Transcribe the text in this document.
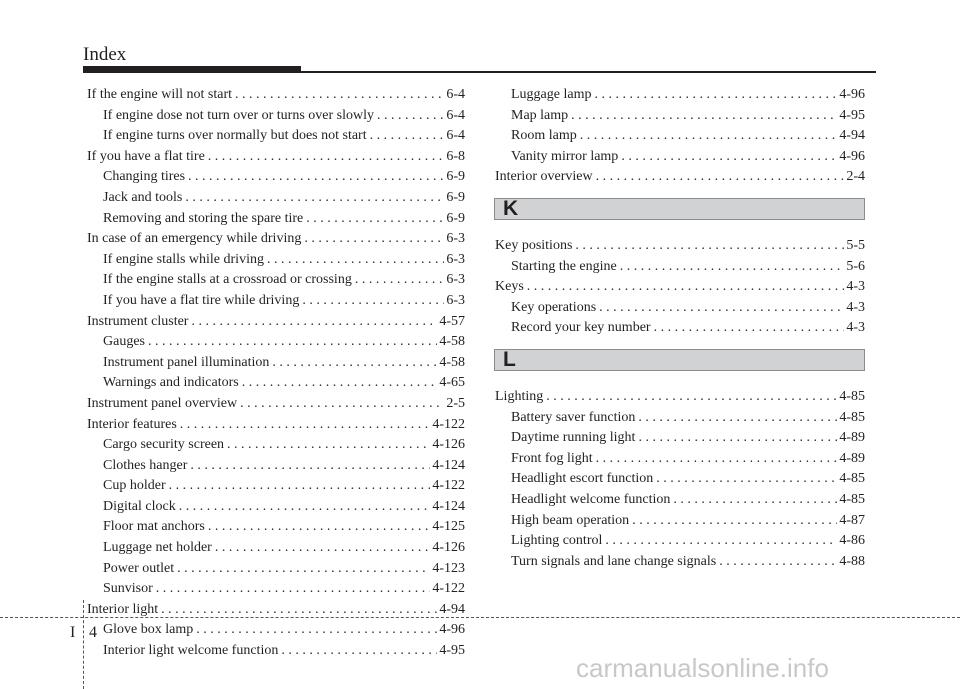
Index
If the engine will not start . . .	6-4
If engine dose not turn over or turns over slowly . . .	6-4
If engine turns over normally but does not start . . .	6-4
If you have a flat tire . . .	6-8
Changing tires . . .	6-9
Jack and tools . . .	6-9
Removing and storing the spare tire . . .	6-9
In case of an emergency while driving . . .	6-3
If engine stalls while driving . . .	6-3
If the engine stalls at a crossroad or crossing . . .	6-3
If you have a flat tire while driving . . .	6-3
Instrument cluster . . .	4-57
Gauges . . .	4-58
Instrument panel illumination . . .	4-58
Warnings and indicators . . .	4-65
Instrument panel overview . . .	2-5
Interior features . . .	4-122
Cargo security screen . . .	4-126
Clothes hanger . . .	4-124
Cup holder . . .	4-122
Digital clock . . .	4-124
Floor mat anchors . . .	4-125
Luggage net holder . . .	4-126
Power outlet . . .	4-123
Sunvisor . . .	4-122
Interior light . . .	4-94
Glove box lamp . . .	4-96
Interior light welcome function . . .	4-95
Luggage lamp . . .	4-96
Map lamp . . .	4-95
Room lamp . . .	4-94
Vanity mirror lamp . . .	4-96
Interior overview . . .	2-4
K
Key positions . . .	5-5
Starting the engine . . .	5-6
Keys . . .	4-3
Key operations . . .	4-3
Record your key number . . .	4-3
L
Lighting . . .	4-85
Battery saver function . . .	4-85
Daytime running light . . .	4-89
Front fog light . . .	4-89
Headlight escort function . . .	4-85
Headlight welcome function . . .	4-85
High beam operation . . .	4-87
Lighting control . . .	4-86
Turn signals and lane change signals . . .	4-88
I 4
carmanualsonline.info
